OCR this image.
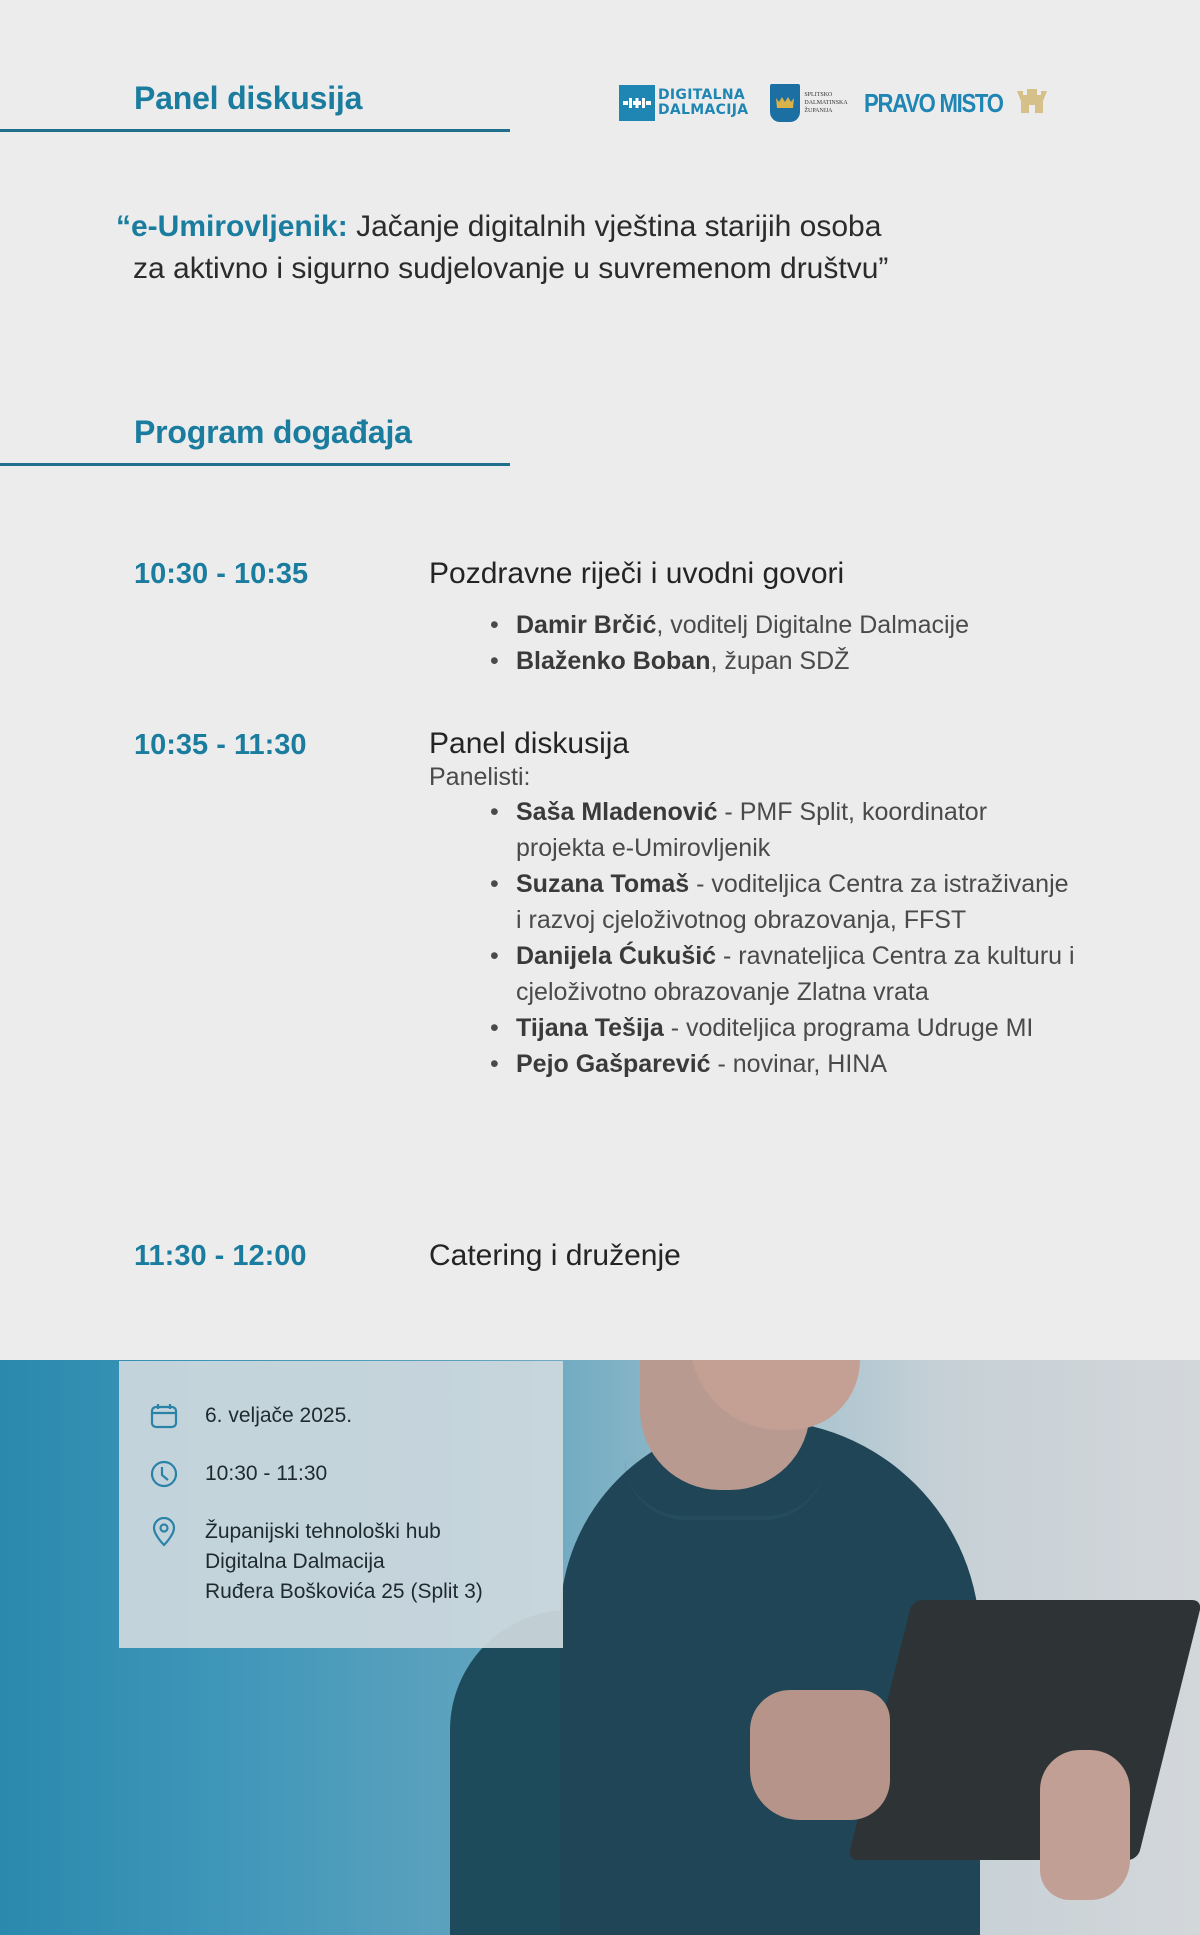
Panel diskusija	DIGITALNA
DALMACIJA
SPLITSKO
DALMATINSKA
ŽUPANIJA	PRAVO MISTO
“e-Umirovljenik: Jačanje digitalnih vještina starijih osoba
za aktivno i sigurno sudjelovanje u suvremenom društvu”
Program događaja
10:30 - 10:35	Pozdravne riječi i uvodni govori
• Damir Brčić, voditelj Digitalne Dalmacije
• Blaženko Boban, župan SDŽ
10:35 - 11:30	Panel diskusija
Panelisti:
• Saša Mladenović - PMF Split, koordinator projekta e-Umirovljenik
• Suzana Tomaš - voditeljica Centra za istraživanje i razvoj cjeloživotnog obrazovanja, FFST
• Danijela Ćukušić - ravnateljica Centra za kulturu i cjeloživotno obrazovanje Zlatna vrata
• Tijana Tešija - voditeljica programa Udruge MI
• Pejo Gašparević - novinar, HINA
11:30 - 12:00	Catering i druženje
6. veljače 2025.
10:30 - 11:30
Županijski tehnološki hub
Digitalna Dalmacija
Ruđera Boškovića 25 (Split 3)
